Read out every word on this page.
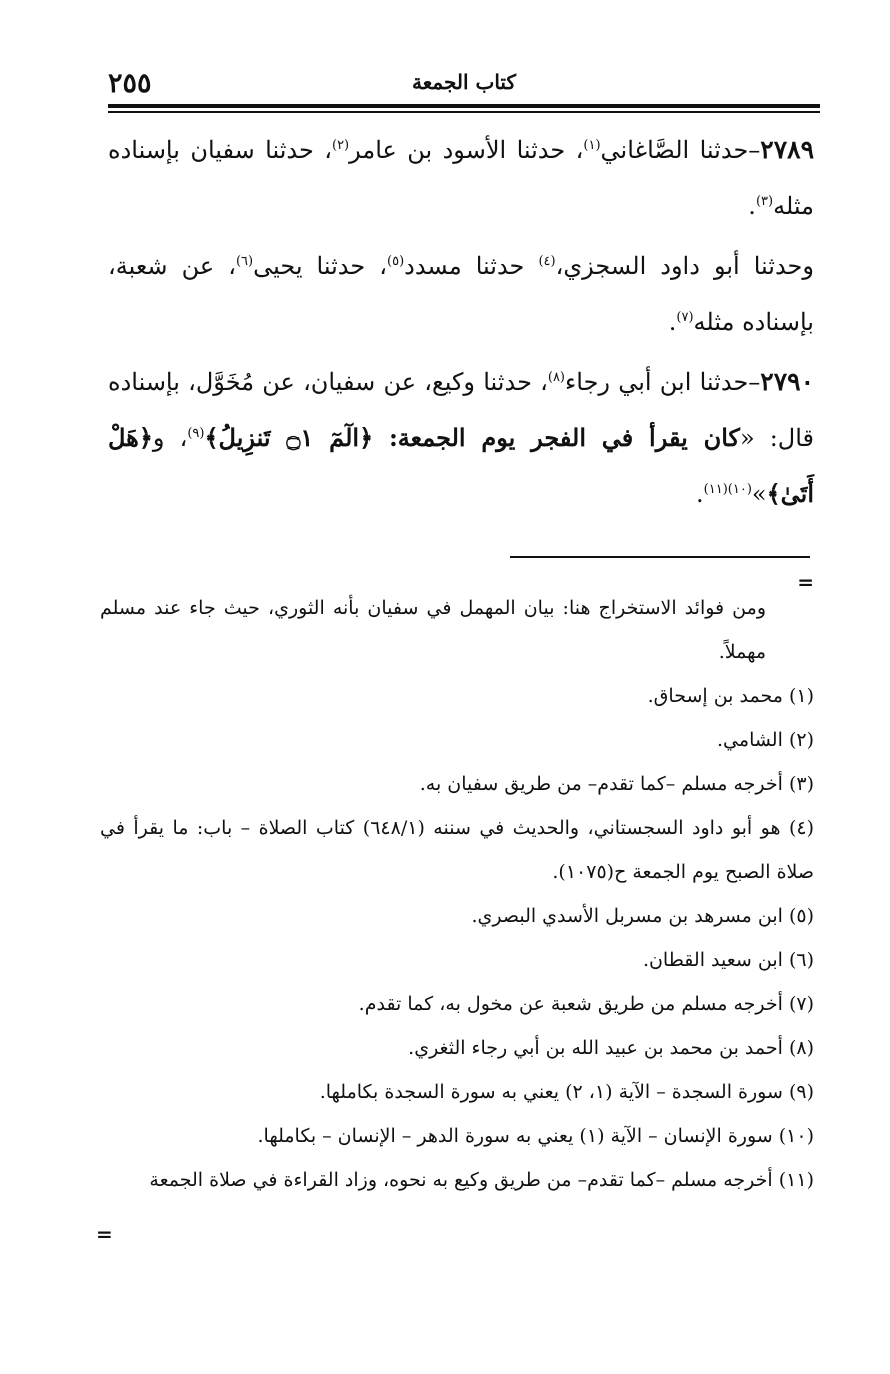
٢٥٥	كتاب الجمعة

٢٧٨٩–حدثنا الصَّاغاني$^{(١)}$، حدثنا الأسود بن عامر$^{(٢)}$، حدثنا سفيان بإسناده مثله$^{(٣)}$.

وحدثنا أبو داود السجزي،$^{(٤)}$ حدثنا مسدد$^{(٥)}$، حدثنا يحيى$^{(٦)}$، عن شعبة، بإسناده مثله$^{(٧)}$.

٢٧٩٠–حدثنا ابن أبي رجاء$^{(٨)}$، حدثنا وكيع، عن سفيان، عن مُخَوَّل، بإسناده قال: «كان يقرأ في الفجر يوم الجمعة: ﴿الٓمٓ ۝١ تَنزِيلُ﴾$^{(٩)}$، و﴿هَلْ أَتَىٰ﴾»$^{(١٠)(١١)}$.

=

ومن فوائد الاستخراج هنا: بيان المهمل في سفيان بأنه الثوري، حيث جاء عند مسلم مهملاً.

(١) محمد بن إسحاق.

(٢) الشامي.

(٣) أخرجه مسلم –كما تقدم– من طريق سفيان به.

(٤) هو أبو داود السجستاني، والحديث في سننه (٦٤٨/١) كتاب الصلاة – باب: ما يقرأ في صلاة الصبح يوم الجمعة ح(١٠٧٥).

(٥) ابن مسرهد بن مسربل الأسدي البصري.

(٦) ابن سعيد القطان.

(٧) أخرجه مسلم من طريق شعبة عن مخول به، كما تقدم.

(٨) أحمد بن محمد بن عبيد الله بن أبي رجاء الثغري.

(٩) سورة السجدة – الآية (١، ٢) يعني به سورة السجدة بكاملها.

(١٠) سورة الإنسان – الآية (١) يعني به سورة الدهر – الإنسان – بكاملها.

(١١) أخرجه مسلم –كما تقدم– من طريق وكيع به نحوه، وزاد القراءة في صلاة الجمعة

=
